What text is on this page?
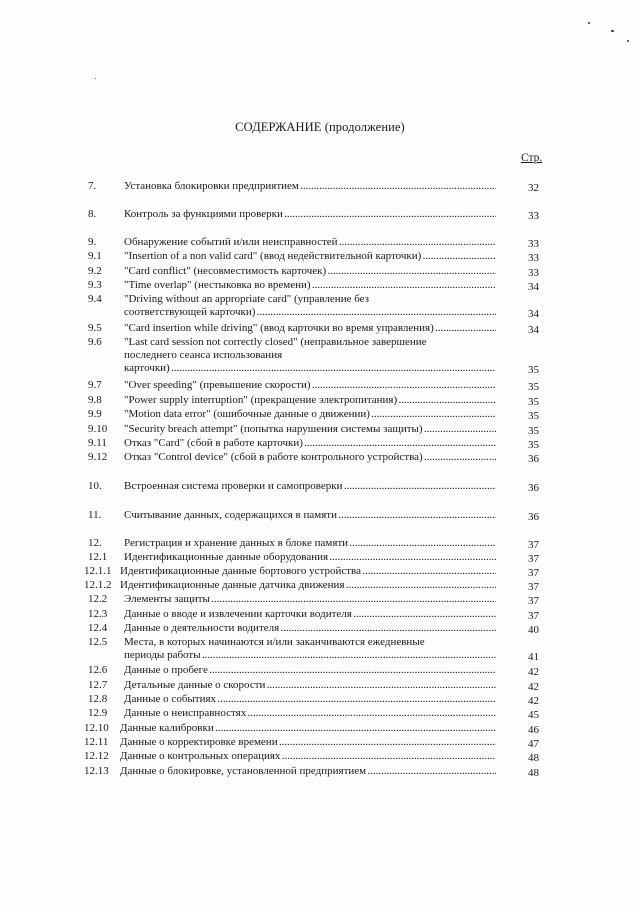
СОДЕРЖАНИЕ (продолжение)
Стр.
7.	Установка блокировки предприятием . . .	32
8.	Контроль за функциями проверки . . .	33
9.	Обнаружение событий и/или неисправностей . . .	33
9.1 "Insertion of a non valid card" (ввод недействительной карточки) . . .	33
9.2 "Card conflict" (несовместимость карточек) . . .	33
9.3 "Time overlap" (нестыковка во времени) . . .	34
9.4 "Driving without an appropriate card" (управление без
соответствующей карточки) . . .	34
9.5 "Card insertion while driving" (ввод карточки во время управления) . . .	34
9.6 "Last card session not correctly closed" (неправильное завершение
последнего сеанса использования
карточки) . . .	35
9.7 "Over speeding" (превышение скорости) . . .	35
9.8 "Power supply interruption" (прекращение электропитания) . . .	35
9.9 "Motion data error" (ошибочные данные о движении) . . .	35
9.10 "Security breach attempt" (попытка нарушения системы защиты) . . .	35
9.11 Отказ "Card" (сбой в работе карточки) . . .	35
9.12 Отказ "Control device" (сбой в работе контрольного устройства) . . .	36
10. Встроенная система проверки и самопроверки . . .	36
11. Считывание данных, содержащихся в памяти . . .	36
12. Регистрация и хранение данных в блоке памяти . . .	37
12.1 Идентификационные данные оборудования . . .	37
12.1.1 Идентификационные данные бортового устройства . . .	37
12.1.2 Идентификационные данные датчика движения . . .	37
12.2 Элементы защиты . . .	37
12.3 Данные о вводе и извлечении карточки водителя . . .	37
12.4 Данные о деятельности водителя . . .	40
12.5 Места, в которых начинаются и/или заканчиваются ежедневные
периоды работы . . .	41
12.6 Данные о пробеге . . .	42
12.7 Детальные данные о скорости . . .	42
12.8 Данные о событиях . . .	42
12.9 Данные о неисправностях . . .	45
12.10 Данные калибровки . . .	46
12.11 Данные о корректировке времени . . .	47
12.12 Данные о контрольных операциях . . .	48
12.13 Данные о блокировке, установленной предприятием . . .	48
